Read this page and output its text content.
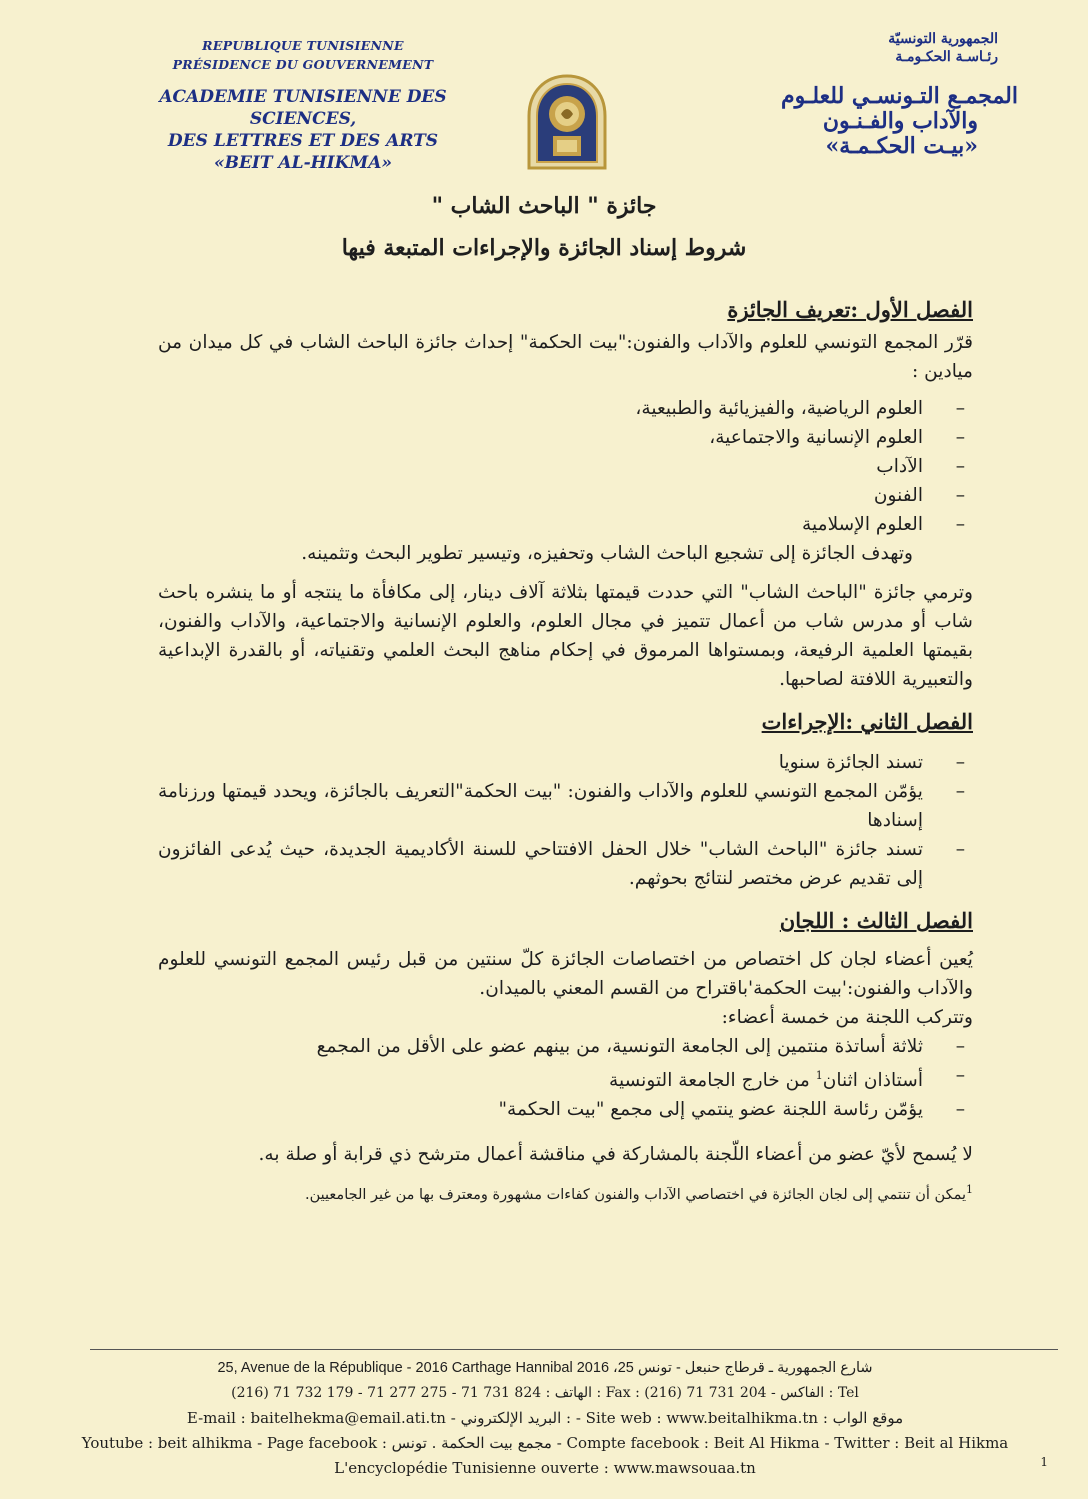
REPUBLIQUE TUNISIENNE
PRÉSIDENCE DU GOUVERNEMENT
ACADEMIE TUNISIENNE DES SCIENCES,
DES LETTRES ET DES ARTS
«BEIT AL-HIKMA»
الجمهورية التونسيّة
رئـاسـة الحكـومـة
المجمـع التـونسـي للعلـوم
والآداب والفـنـون
«بيـت الحكـمـة»
جائزة " الباحث الشاب "
شروط إسناد الجائزة والإجراءات المتبعة فيها

الفصل الأول :تعريف الجائزة

قرّر المجمع التونسي للعلوم والآداب والفنون:"بيت الحكمة" إحداث جائزة الباحث الشاب في كل ميدان من ميادين :

– العلوم الرياضية، والفيزيائية والطبيعية،
– العلوم الإنسانية والاجتماعية،
– الآداب
– الفنون
– العلوم الإسلامية

وتهدف الجائزة إلى تشجيع الباحث الشاب وتحفيزه، وتيسير تطوير البحث وتثمينه.

وترمي جائزة "الباحث الشاب" التي حددت قيمتها بثلاثة آلاف دينار، إلى مكافأة ما ينتجه أو ما ينشره باحث شاب أو مدرس شاب من أعمال تتميز في مجال العلوم، والعلوم الإنسانية والاجتماعية، والآداب والفنون، بقيمتها العلمية الرفيعة، وبمستواها المرموق في إحكام مناهج البحث العلمي وتقنياته، أو بالقدرة الإبداعية والتعبيرية اللافتة لصاحبها.

الفصل الثاني :الإجراءات

– تسند الجائزة سنويا
– يؤمّن المجمع التونسي للعلوم والآداب والفنون: "بيت الحكمة"التعريف بالجائزة، ويحدد قيمتها ورزنامة إسنادها
– تسند جائزة "الباحث الشاب" خلال الحفل الافتتاحي للسنة الأكاديمية الجديدة، حيث يُدعى الفائزون إلى تقديم عرض مختصر لنتائج بحوثهم.

الفصل الثالث : اللجان

يُعين أعضاء لجان كل اختصاص من اختصاصات الجائزة كلّ سنتين من قبل رئيس المجمع التونسي للعلوم والآداب والفنون:'بيت الحكمة'باقتراح من القسم المعني بالميدان.

وتتركب اللجنة من خمسة أعضاء:

– ثلاثة أساتذة منتمين إلى الجامعة التونسية، من بينهم عضو على الأقل من المجمع
– أستاذان اثنان$^1$ من خارج الجامعة التونسية
– يؤمّن رئاسة اللجنة عضو ينتمي إلى مجمع "بيت الحكمة"

لا يُسمح لأيّ عضو من أعضاء اللّجنة بالمشاركة في مناقشة أعمال مترشح ذي قرابة أو صلة به.

$^1$يمكن أن تنتمي إلى لجان الجائزة في اختصاصي الآداب والفنون كفاءات مشهورة ومعترف بها من غير الجامعيين.
25, Avenue de la République - 2016 Carthage Hannibal 2016 ،25 شارع الجمهورية ـ قرطاج حنبعل - تونس
الهاتف : 824 731 71 - 275 277 71 - 179 732 71 (216) : Fax : (216) 71 731 204 - الفاكس : Tel
E-mail : baitelhekma@email.ati.tn - البريد الإلكتروني : - Site web : www.beitalhikma.tn : موقع الواب
Youtube : beit alhikma - Page facebook : مجمع بيت الحكمة . تونس - Compte facebook : Beit Al Hikma - Twitter : Beit al Hikma
L'encyclopédie Tunisienne ouverte : www.mawsouaa.tn	1
